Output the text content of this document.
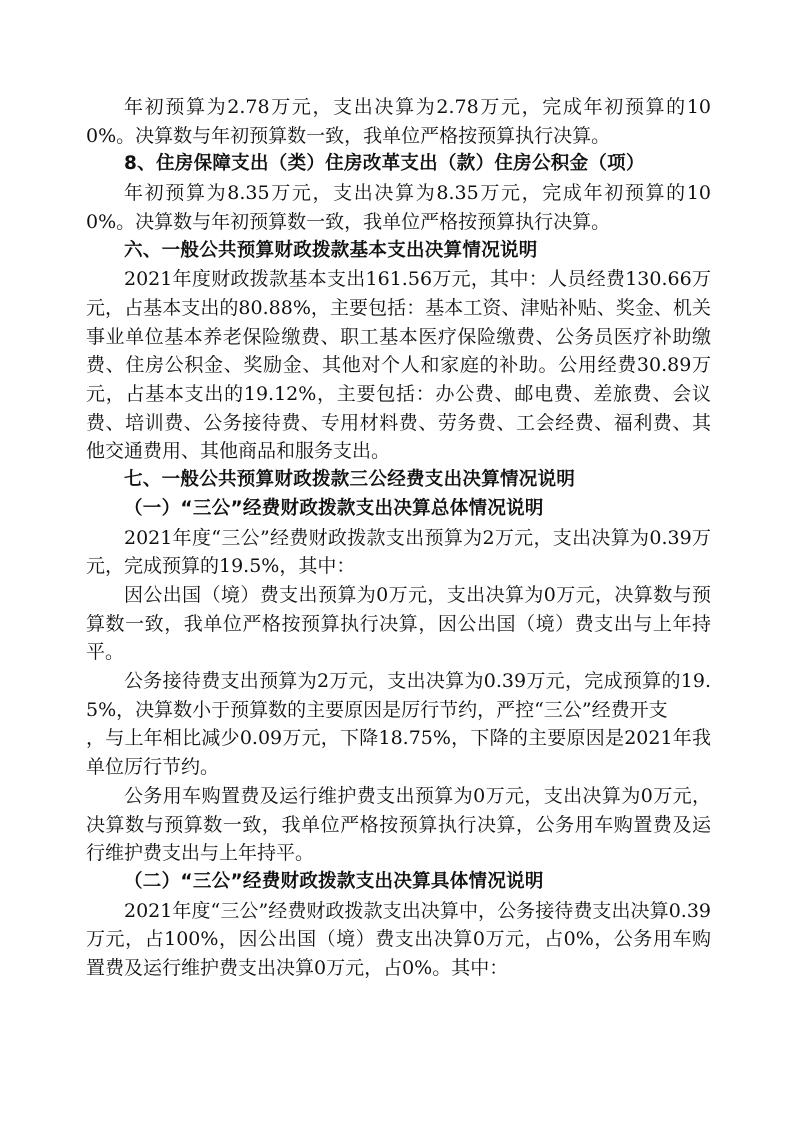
年初预算为2.78万元，支出决算为2.78万元，完成年初预算的100%。决算数与年初预算数一致，我单位严格按预算执行决算。

8、住房保障支出（类）住房改革支出（款）住房公积金（项）

年初预算为8.35万元，支出决算为8.35万元，完成年初预算的100%。决算数与年初预算数一致，我单位严格按预算执行决算。

六、一般公共预算财政拨款基本支出决算情况说明

2021年度财政拨款基本支出161.56万元，其中：人员经费130.66万元，占基本支出的80.88%，主要包括：基本工资、津贴补贴、奖金、机关事业单位基本养老保险缴费、职工基本医疗保险缴费、公务员医疗补助缴费、住房公积金、奖励金、其他对个人和家庭的补助。公用经费30.89万元，占基本支出的19.12%，主要包括：办公费、邮电费、差旅费、会议费、培训费、公务接待费、专用材料费、劳务费、工会经费、福利费、其他交通费用、其他商品和服务支出。

七、一般公共预算财政拨款三公经费支出决算情况说明

（一）“三公”经费财政拨款支出决算总体情况说明

2021年度“三公”经费财政拨款支出预算为2万元，支出决算为0.39万元，完成预算的19.5%，其中：

因公出国（境）费支出预算为0万元，支出决算为0万元，决算数与预算数一致，我单位严格按预算执行决算，因公出国（境）费支出与上年持平。

公务接待费支出预算为2万元，支出决算为0.39万元，完成预算的19.5%，决算数小于预算数的主要原因是厉行节约，严控“三公”经费开支

，与上年相比减少0.09万元，下降18.75%，下降的主要原因是2021年我单位厉行节约。

公务用车购置费及运行维护费支出预算为0万元，支出决算为0万元，决算数与预算数一致，我单位严格按预算执行决算，公务用车购置费及运行维护费支出与上年持平。

（二）“三公”经费财政拨款支出决算具体情况说明

2021年度“三公”经费财政拨款支出决算中，公务接待费支出决算0.39万元，占100%，因公出国（境）费支出决算0万元，占0%，公务用车购置费及运行维护费支出决算0万元，占0%。其中：
